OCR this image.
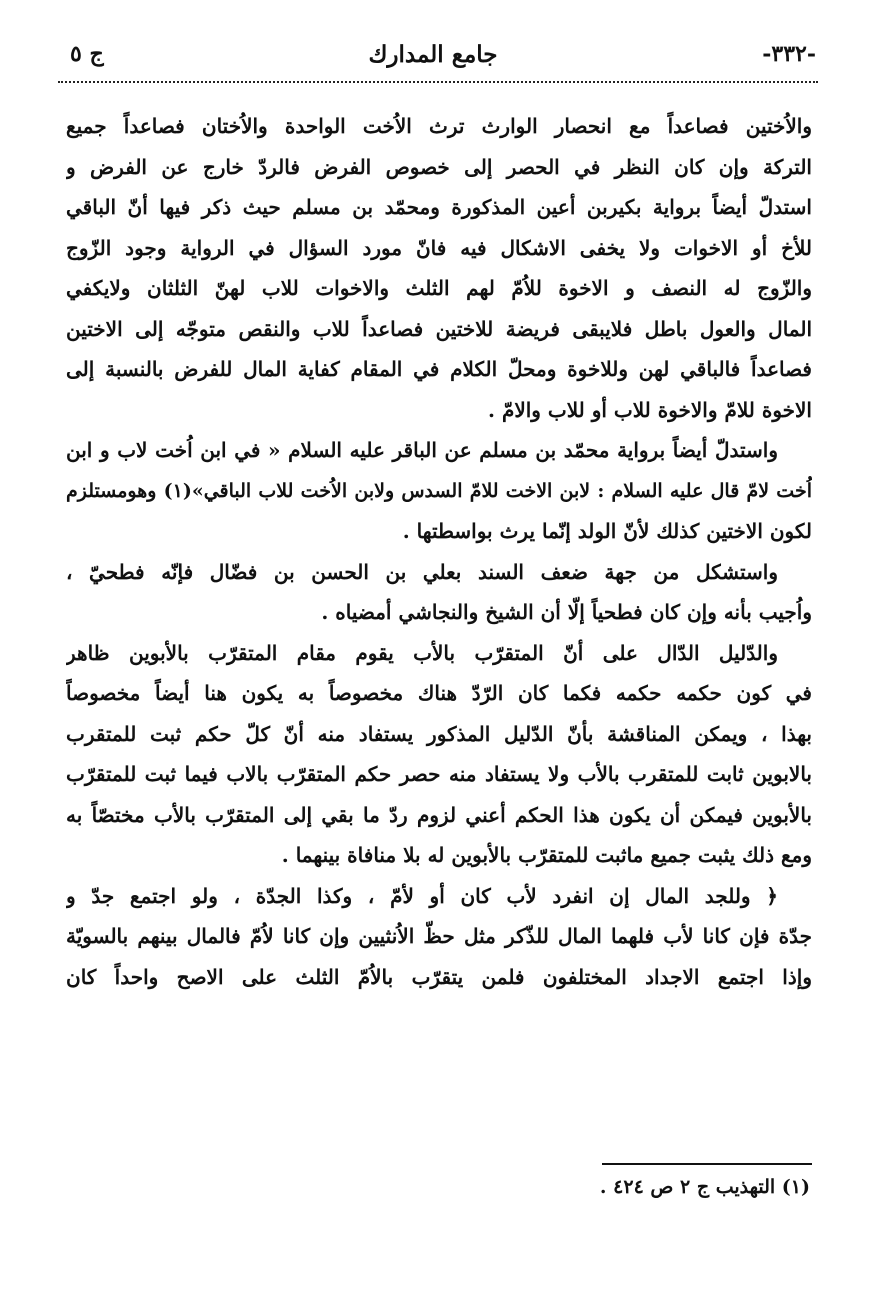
ج ٥	جامع المدارك	-٣٣٢-

والاُختين فصاعداً مع انحصار الوارث ترث الاُخت الواحدة والاُختان فصاعداً جميع

التركة وإن كان النظر في الحصر إلى خصوص الفرض فالردّ خارج عن الفرض و

استدلّ أيضاً برواية بكيربن أعين المذكورة ومحمّد بن مسلم حيث ذكر فيها أنّ الباقي

للأخ أو الاخوات ولا يخفى الاشكال فيه فانّ مورد السؤال في الرواية وجود الزّوج

والزّوج له النصف و الاخوة للاُمّ لهم الثلث والاخوات للاب لهنّ الثلثان ولايكفي

المال والعول باطل فلايبقى فريضة للاختين فصاعداً للاب والنقص متوجّه إلى الاختين

فصاعداً فالباقي لهن وللاخوة ومحلّ الكلام في المقام كفاية المال للفرض بالنسبة إلى

الاخوة للامّ والاخوة للاب أو للاب والامّ .

واستدلّ أيضاً برواية محمّد بن مسلم عن الباقر عليه السلام « في ابن اُخت لاب و ابن

اُخت لامّ قال عليه السلام : لابن الاخت للامّ السدس ولابن الاُخت للاب الباقي»(١) وهومستلزم

لكون الاختين كذلك لأنّ الولد إنّما يرث بواسطتها .

واستشكل من جهة ضعف السند بعلي بن الحسن بن فضّال فإنّه فطحيّ ،

واُجيب بأنه وإن كان فطحياً إلّا أن الشيخ والنجاشي أمضياه .

والدّليل الدّال على أنّ المتقرّب بالأب يقوم مقام المتقرّب بالأبوين ظاهر

في كون حكمه حكمه فكما كان الرّدّ هناك مخصوصاً به يكون هنا أيضاً مخصوصاً

بهذا ، ويمكن المناقشة بأنّ الدّليل المذكور يستفاد منه أنّ كلّ حكم ثبت للمتقرب

بالابوين ثابت للمتقرب بالأب ولا يستفاد منه حصر حكم المتقرّب بالاب فيما ثبت للمتقرّب

بالأبوين فيمكن أن يكون هذا الحكم أعني لزوم ردّ ما بقي إلى المتقرّب بالأب مختصّاً به

ومع ذلك يثبت جميع ماثبت للمتقرّب بالأبوين له بلا منافاة بينهما .

﴿ وللجد المال إن انفرد لأب كان أو لأمّ ، وكذا الجدّة ، ولو اجتمع جدّ و

جدّة فإن كانا لأب فلهما المال للذّكر مثل حظّ الاُنثيين وإن كانا لاُمّ فالمال بينهم بالسويّة

وإذا اجتمع الاجداد المختلفون فلمن يتقرّب بالاُمّ الثلث على الاصح واحداً كان

(١) التهذيب ج ٢ ص ٤٢٤ .
